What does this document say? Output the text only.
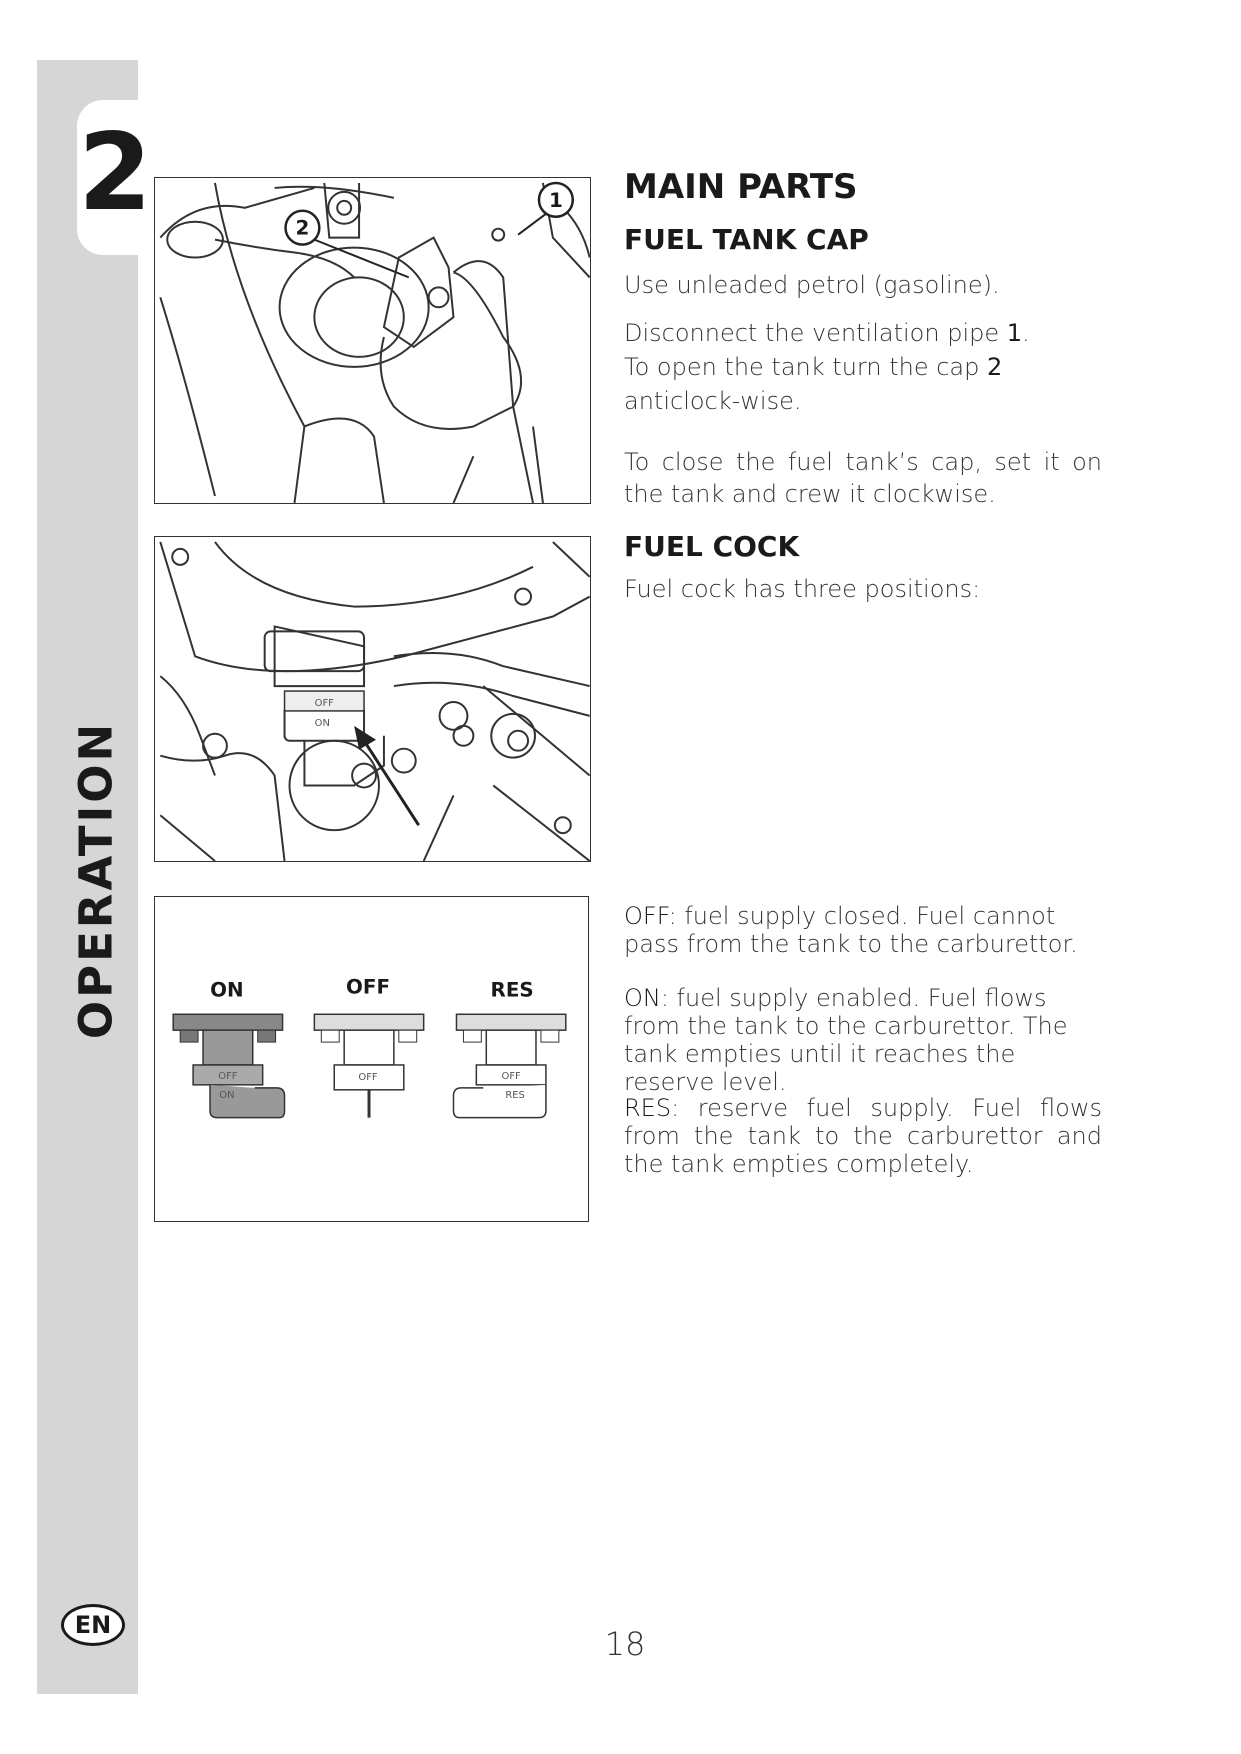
2
OPERATION
EN
2
1
OFF
ON
ON	OFF	RES
OFF
ON
OFF	OFF
RES
MAIN PARTS
FUEL TANK CAP

Use unleaded petrol (gasoline).

Disconnect the ventilation pipe 1.
To open the tank turn the cap 2 anticlock-wise.

To close the fuel tank’s cap, set it on the tank and crew it clockwise.

FUEL COCK

Fuel cock has three positions:

OFF: fuel supply closed. Fuel cannot pass from the tank to the carburettor.

ON: fuel supply enabled. Fuel flows from the tank to the carburettor. The tank empties until it reaches the reserve level.

RES: reserve fuel supply. Fuel flows from the tank to the carburettor and the tank empties completely.

18
